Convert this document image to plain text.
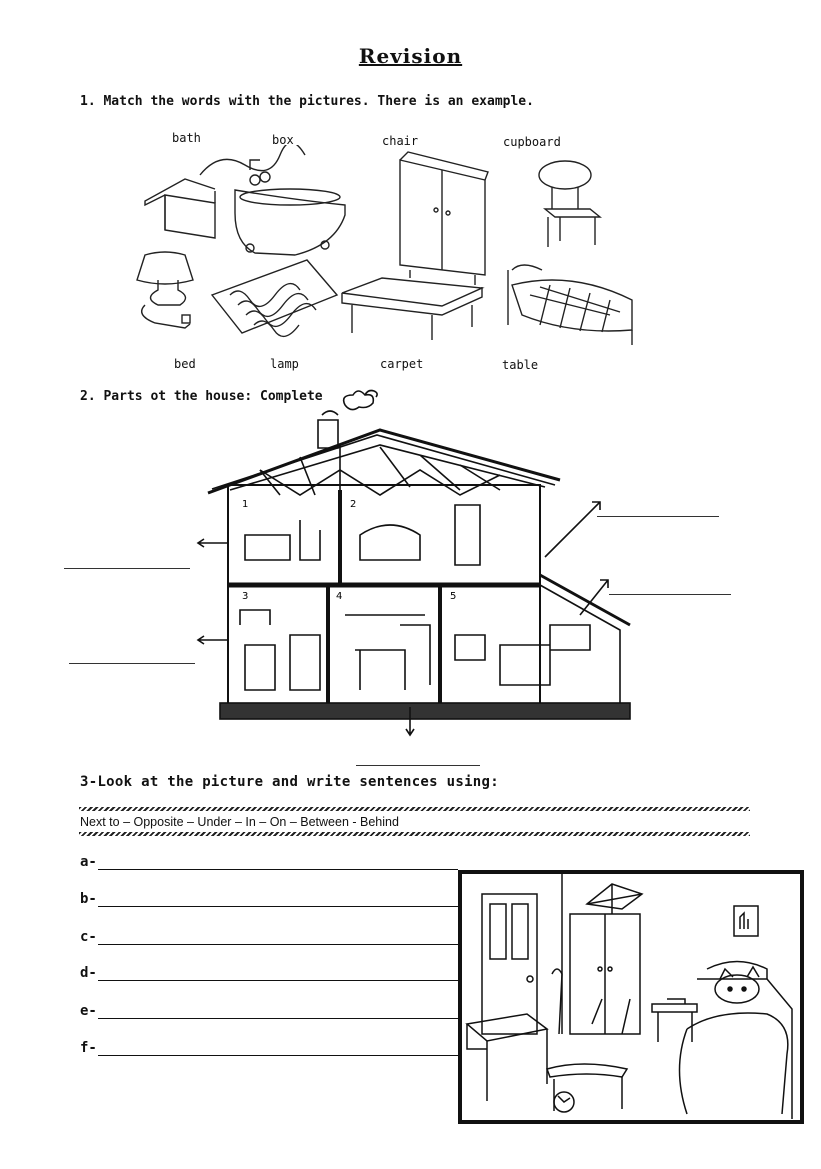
Revision
1. Match the words with the pictures. There is an example.
bath	box	chair	cupboard
bed	lamp	carpet	table
2. Parts ot the house: Complete
1	2
3	4	5
3-Look at the picture and write sentences using:
Next to – Opposite – Under – In – On – Between - Behind
a-
b-
c-
d-
e-
f-
